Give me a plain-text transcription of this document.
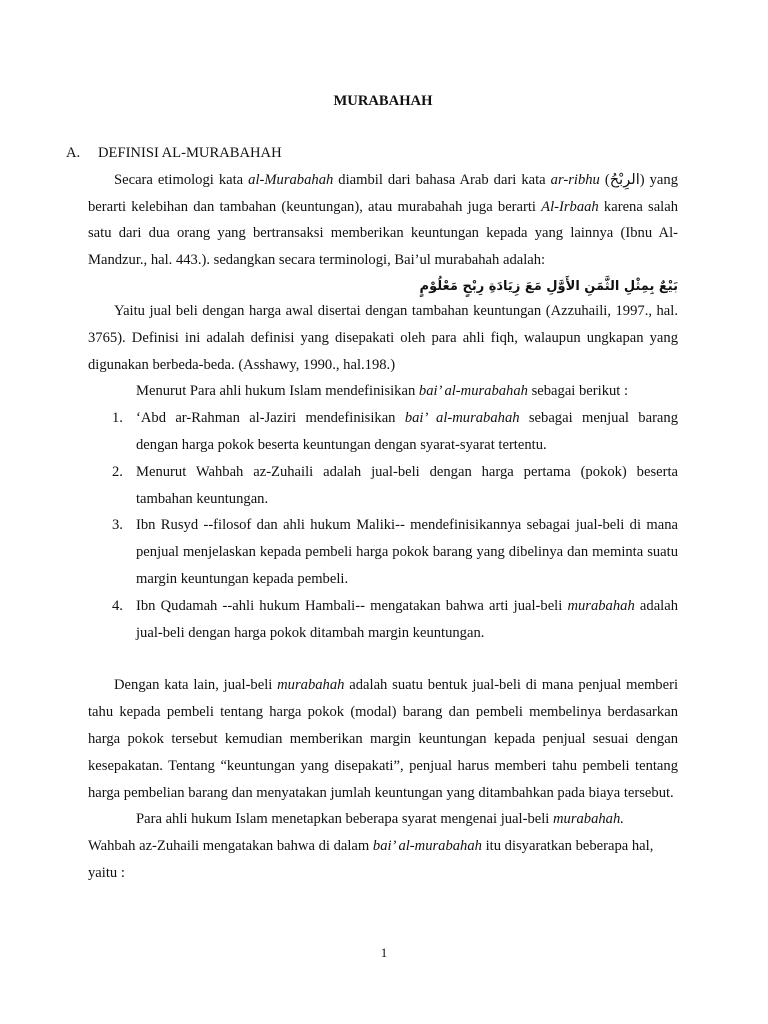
MURABAHAH
A. DEFINISI AL-MURABAHAH

Secara etimologi kata al-Murabahah diambil dari bahasa Arab dari kata ar-ribhu (الرِبْحُ) yang berarti kelebihan dan tambahan (keuntungan), atau murabahah juga berarti Al-Irbaah karena salah satu dari dua orang yang bertransaksi memberikan keuntungan kepada yang lainnya (Ibnu Al-Mandzur., hal. 443.). sedangkan secara terminologi, Bai’ul murabahah adalah:

بَيْعٌ بِمِثْلِ الثَّمَنِ الأَوَّلِ مَعَ زِيَادَةِ رِبْحٍ مَعْلُوْمٍ

Yaitu jual beli dengan harga awal disertai dengan tambahan keuntungan (Azzuhaili, 1997., hal. 3765). Definisi ini adalah definisi yang disepakati oleh para ahli fiqh, walaupun ungkapan yang digunakan berbeda-beda. (Asshawy, 1990., hal.198.)

Menurut Para ahli hukum Islam mendefinisikan bai’ al-murabahah sebagai berikut :

1. ‘Abd ar-Rahman al-Jaziri mendefinisikan bai’ al-murabahah sebagai menjual barang dengan harga pokok beserta keuntungan dengan syarat-syarat tertentu.
2. Menurut Wahbah az-Zuhaili adalah jual-beli dengan harga pertama (pokok) beserta tambahan keuntungan.
3. Ibn Rusyd --filosof dan ahli hukum Maliki-- mendefinisikannya sebagai jual-beli di mana penjual menjelaskan kepada pembeli harga pokok barang yang dibelinya dan meminta suatu margin keuntungan kepada pembeli.
4. Ibn Qudamah --ahli hukum Hambali-- mengatakan bahwa arti jual-beli murabahah adalah jual-beli dengan harga pokok ditambah margin keuntungan.

Dengan kata lain, jual-beli murabahah adalah suatu bentuk jual-beli di mana penjual memberi tahu kepada pembeli tentang harga pokok (modal) barang dan pembeli membelinya berdasarkan harga pokok tersebut kemudian memberikan margin keuntungan kepada penjual sesuai dengan kesepakatan. Tentang “keuntungan yang disepakati”, penjual harus memberi tahu pembeli tentang harga pembelian barang dan menyatakan jumlah keuntungan yang ditambahkan pada biaya tersebut.

Para ahli hukum Islam menetapkan beberapa syarat mengenai jual-beli murabahah.

Wahbah az-Zuhaili mengatakan bahwa di dalam bai’ al-murabahah itu disyaratkan beberapa hal, yaitu :

1
